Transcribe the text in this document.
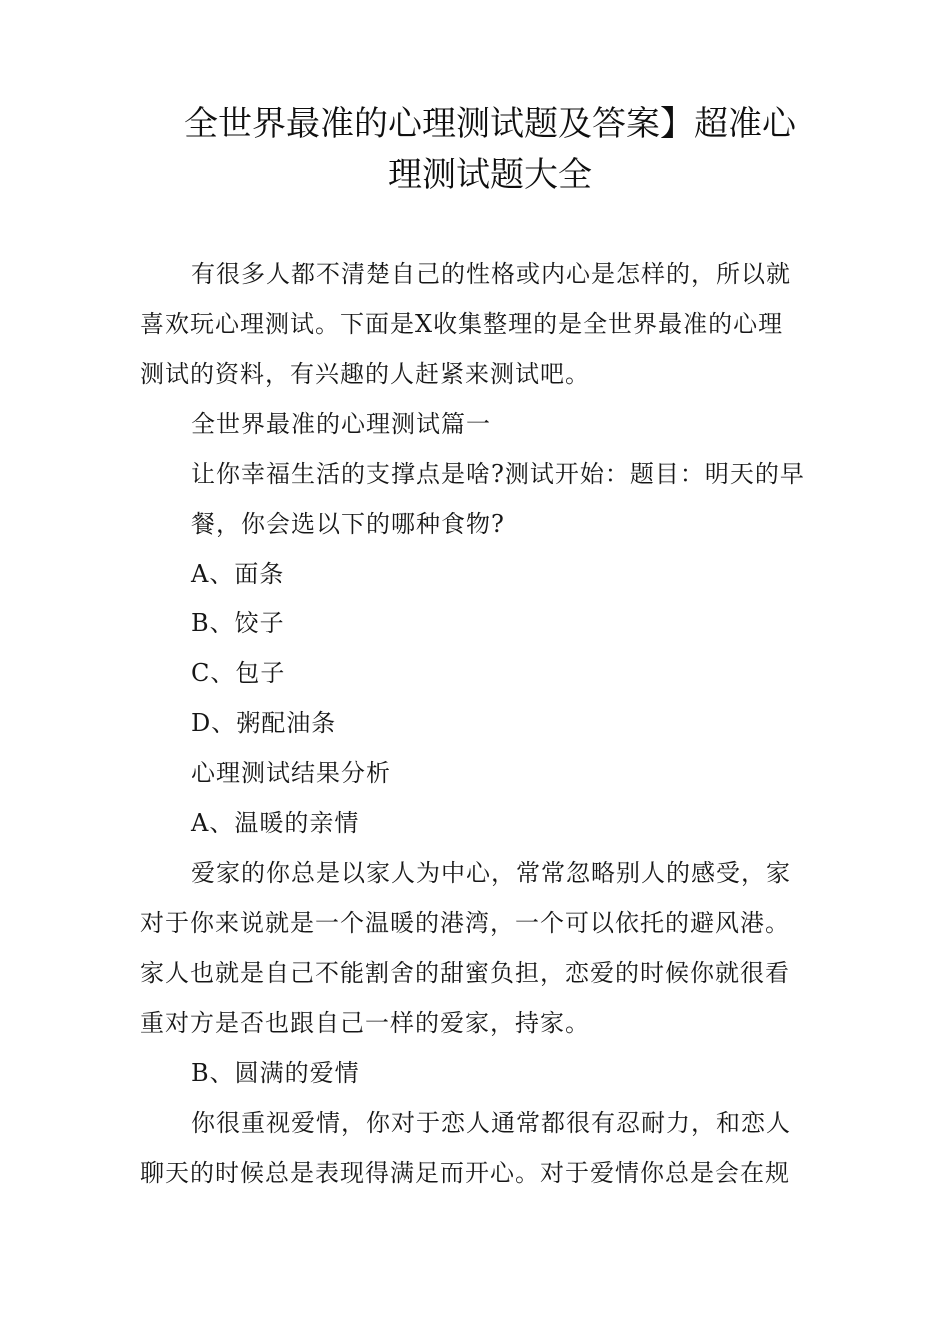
全世界最准的心理测试题及答案】超准心
理测试题大全
有很多人都不清楚自己的性格或内心是怎样的，所以就
喜欢玩心理测试。下面是X收集整理的是全世界最准的心理
测试的资料，有兴趣的人赶紧来测试吧。
全世界最准的心理测试篇一
让你幸福生活的支撑点是啥?测试开始：题目：明天的早
餐，你会选以下的哪种食物?
A、面条
B、饺子
C、包子
D、粥配油条
心理测试结果分析
A、温暖的亲情
爱家的你总是以家人为中心，常常忽略别人的感受，家
对于你来说就是一个温暖的港湾，一个可以依托的避风港。
家人也就是自己不能割舍的甜蜜负担，恋爱的时候你就很看
重对方是否也跟自己一样的爱家，持家。
B、圆满的爱情
你很重视爱情，你对于恋人通常都很有忍耐力，和恋人
聊天的时候总是表现得满足而开心。对于爱情你总是会在规
